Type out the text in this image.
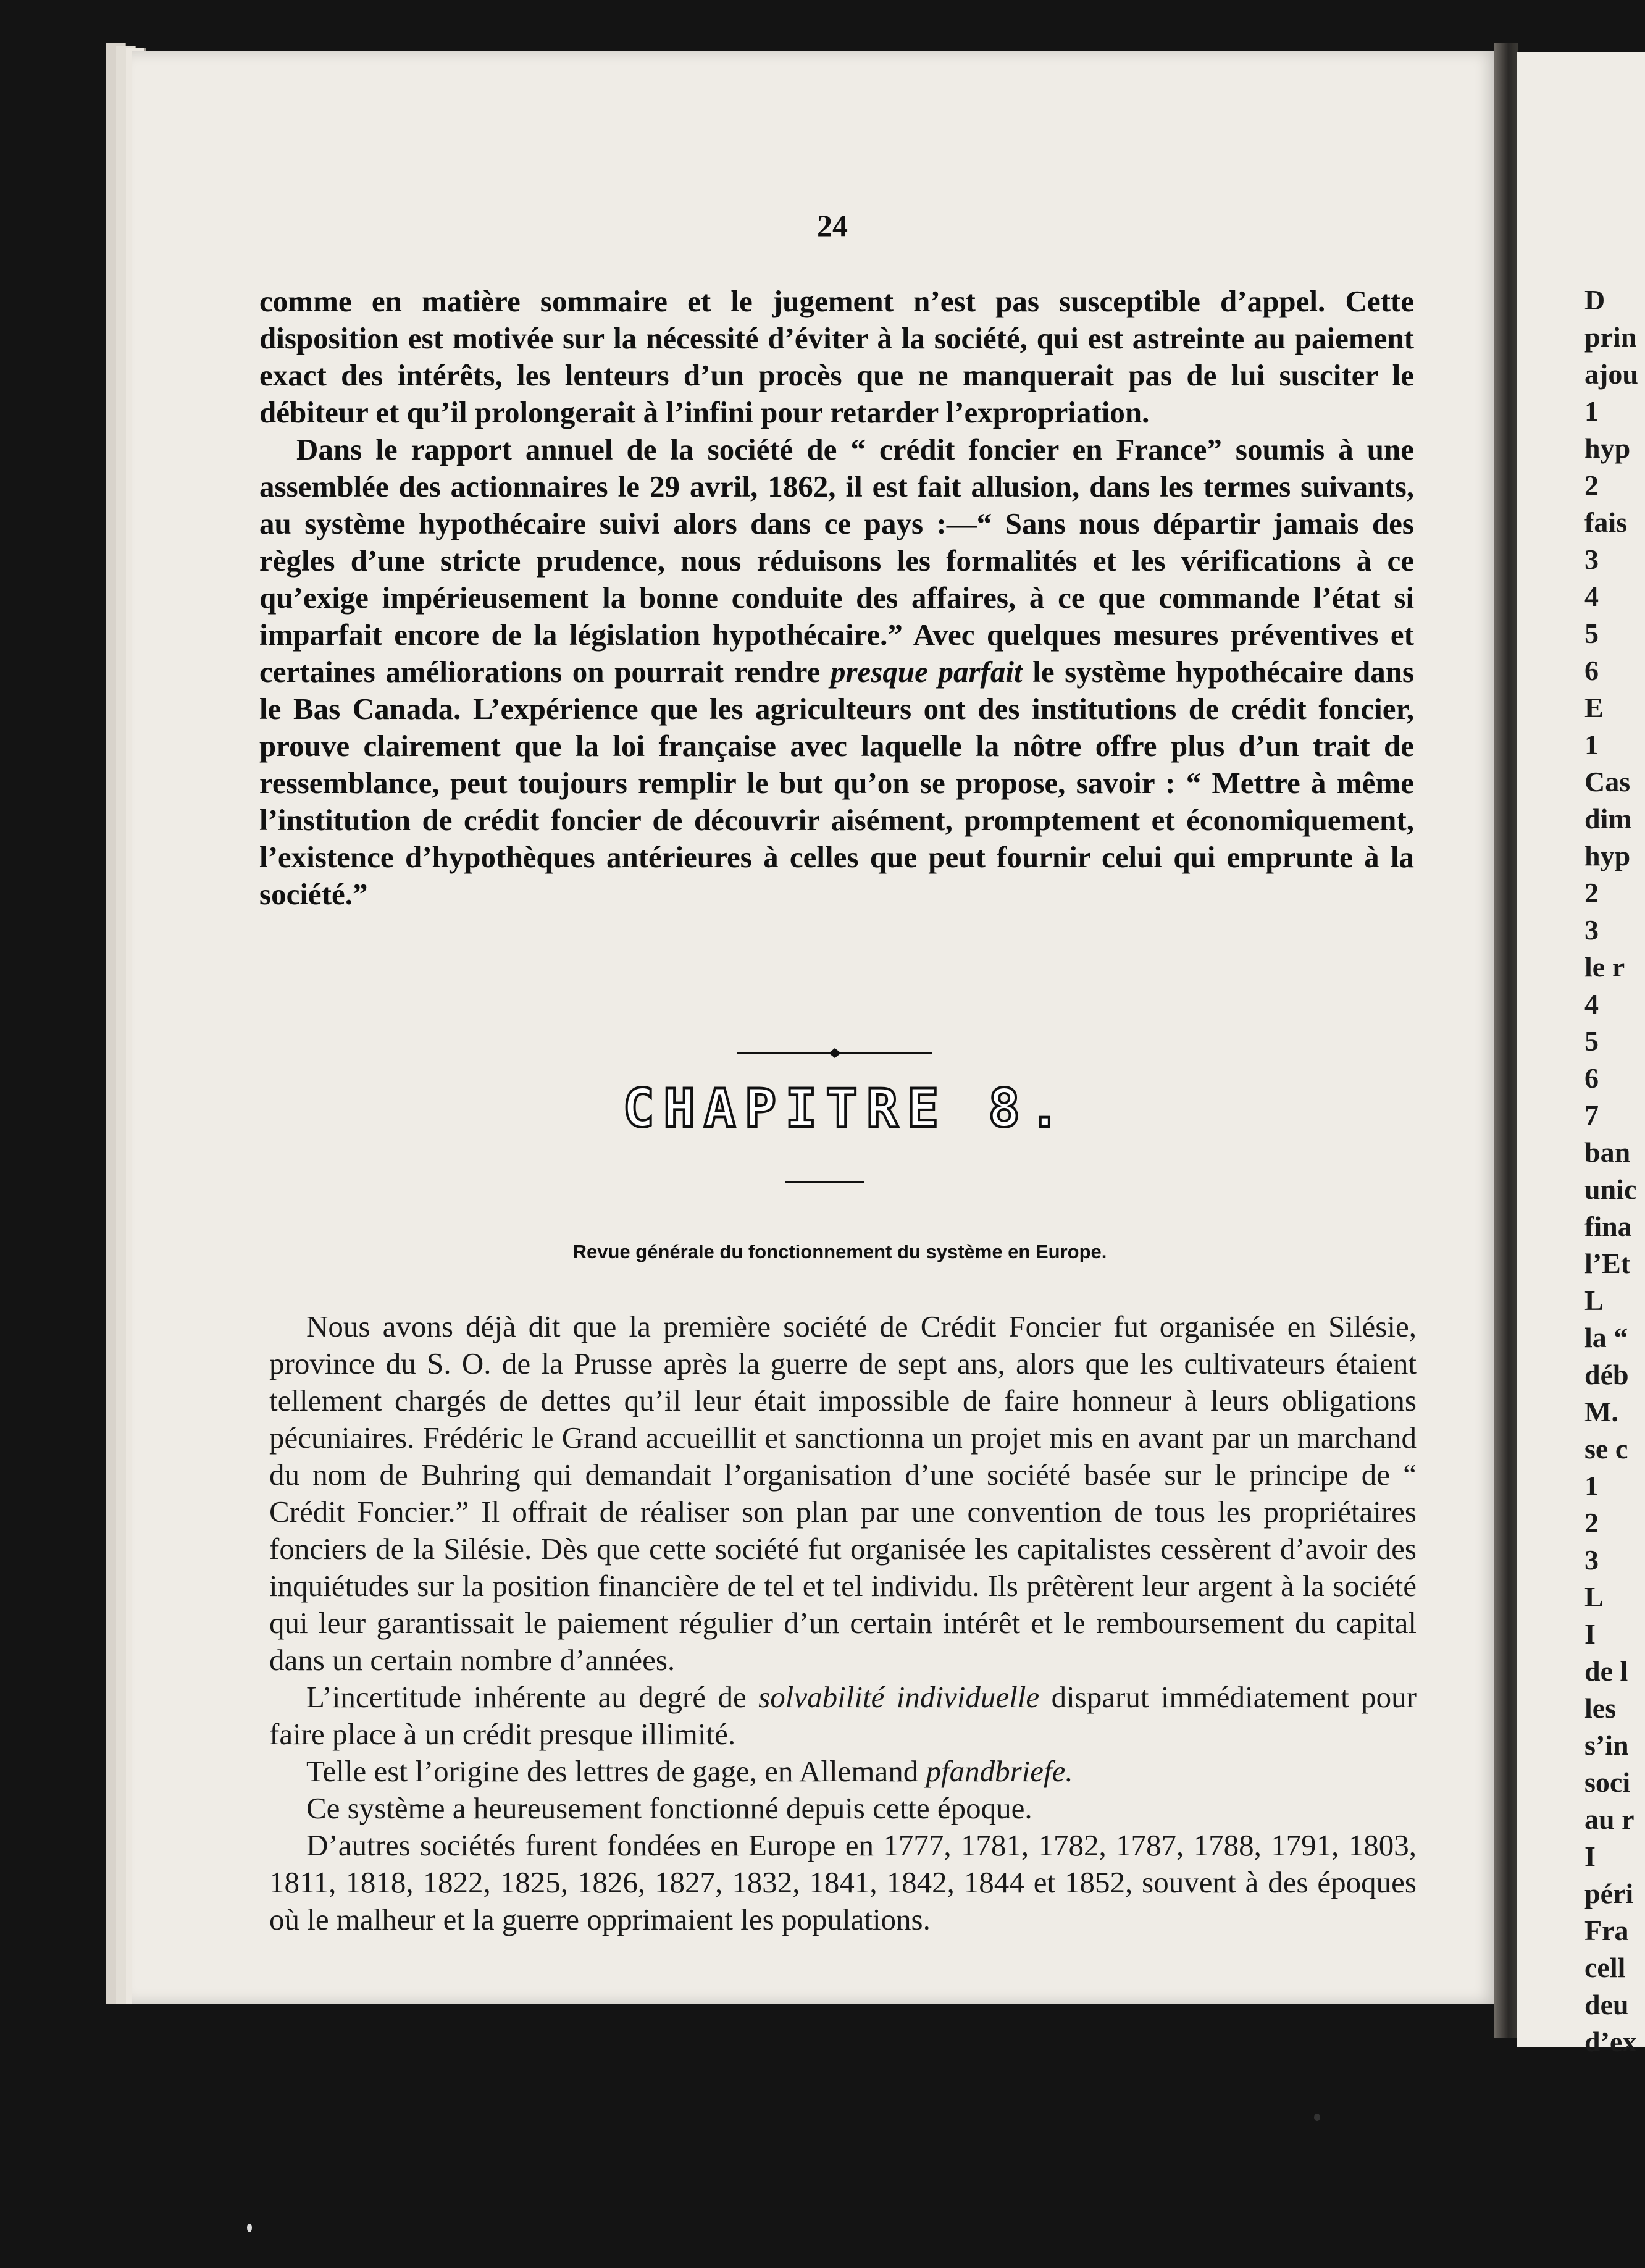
24

comme en matière sommaire et le jugement n’est pas susceptible d’appel. Cette disposition est motivée sur la nécessité d’éviter à la société, qui est astreinte au paiement exact des intérêts, les lenteurs d’un procès que ne manquerait pas de lui susciter le débiteur et qu’il prolongerait à l’infini pour retarder l’expropriation.

Dans le rapport annuel de la société de “ crédit foncier en France” soumis à une assemblée des actionnaires le 29 avril, 1862, il est fait allusion, dans les termes suivants, au système hypothécaire suivi alors dans ce pays :—“ Sans nous départir jamais des règles d’une stricte prudence, nous réduisons les formalités et les vérifications à ce qu’exige impérieusement la bonne conduite des affaires, à ce que commande l’état si imparfait encore de la législation hypothécaire.” Avec quelques mesures préventives et certaines améliorations on pourrait rendre presque parfait le système hypothécaire dans le Bas Canada. L’expérience que les agriculteurs ont des institutions de crédit foncier, prouve clairement que la loi française avec laquelle la nôtre offre plus d’un trait de ressemblance, peut toujours remplir le but qu’on se propose, savoir : “ Mettre à même l’institution de crédit foncier de découvrir aisément, promptement et économiquement, l’existence d’hypothèques antérieures à celles que peut fournir celui qui emprunte à la société.”

CHAPITRE 8.
Revue générale du fonctionnement du système en Europe.

Nous avons déjà dit que la première société de Crédit Foncier fut organisée en Silésie, province du S. O. de la Prusse après la guerre de sept ans, alors que les cultivateurs étaient tellement chargés de dettes qu’il leur était impossible de faire honneur à leurs obligations pécuniaires. Frédéric le Grand accueillit et sanctionna un projet mis en avant par un marchand du nom de Buhring qui demandait l’organisation d’une société basée sur le principe de “ Crédit Foncier.” Il offrait de réaliser son plan par une convention de tous les propriétaires fonciers de la Silésie. Dès que cette société fut organisée les capitalistes cessèrent d’avoir des inquiétudes sur la position financière de tel et tel individu. Ils prêtèrent leur argent à la société qui leur garantissait le paiement régulier d’un certain intérêt et le remboursement du capital dans un certain nombre d’années.

L’incertitude inhérente au degré de solvabilité individuelle disparut immédiatement pour faire place à un crédit presque illimité.

Telle est l’origine des lettres de gage, en Allemand pfandbriefe.

Ce système a heureusement fonctionné depuis cette époque.

D’autres sociétés furent fondées en Europe en 1777, 1781, 1782, 1787, 1788, 1791, 1803, 1811, 1818, 1822, 1825, 1826, 1827, 1832, 1841, 1842, 1844 et 1852, souvent à des époques où le malheur et la guerre opprimaient les populations.

D
prin
ajou
1
hyp
2
fais
3
4
5
6
E
1
Cas
dim
hyp
2
3
le r
4
5
6
7
ban
unic
fina
l’Et
L
la “
déb
M.
se c
1
2
3
L
I
de l
les
s’in
soci
au r
I
péri
Fra
cell
deu
d’ex
